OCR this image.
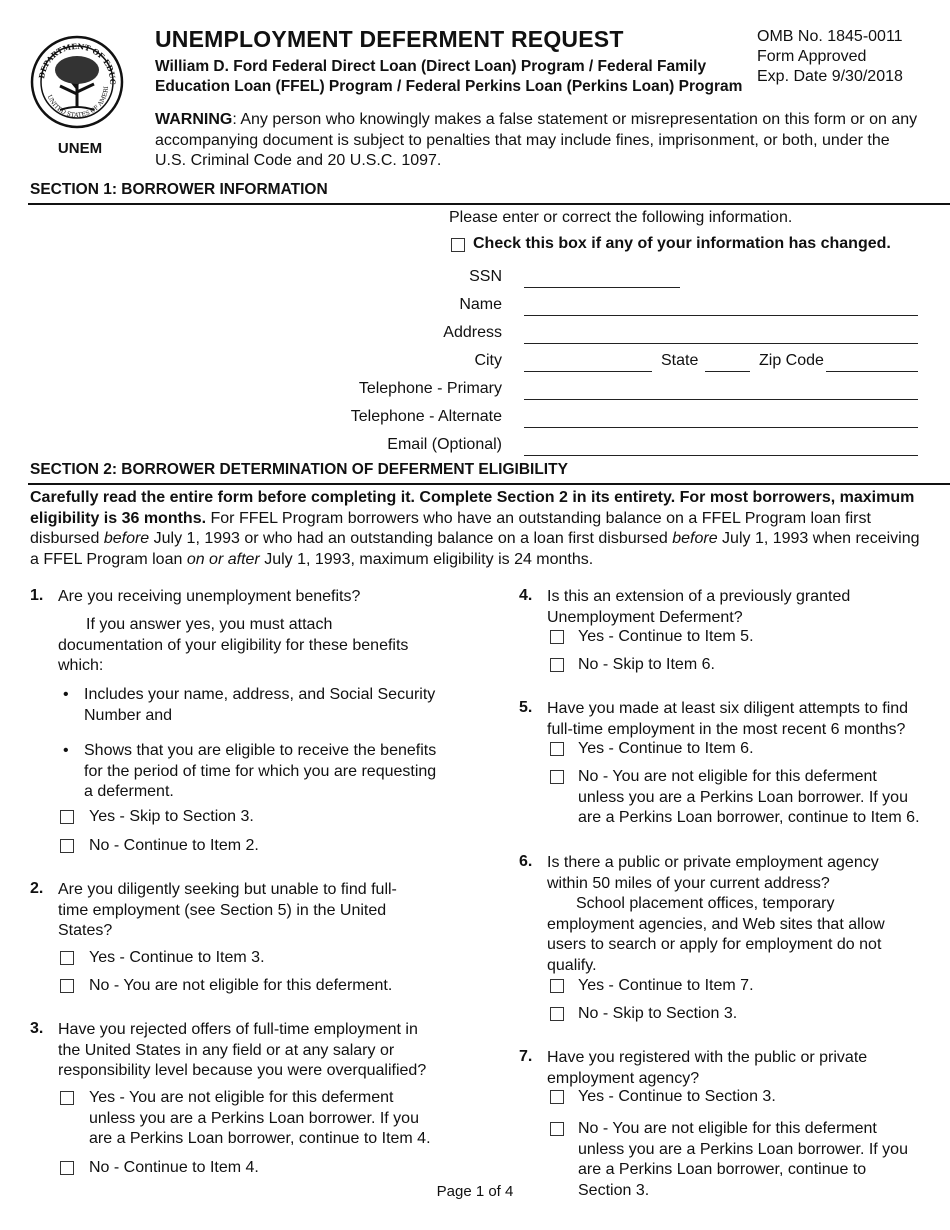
DEPARTMENT OF EDUC
UNITED STATES OF AMERI
UNEM
UNEMPLOYMENT DEFERMENT REQUEST
William D. Ford Federal Direct Loan (Direct Loan) Program / Federal Family Education Loan (FFEL) Program / Federal Perkins Loan (Perkins Loan) Program
OMB No. 1845-0011
Form Approved
Exp. Date 9/30/2018
WARNING: Any person who knowingly makes a false statement or misrepresentation on this form or on any accompanying document is subject to penalties that may include fines, imprisonment, or both, under the U.S. Criminal Code and 20 U.S.C. 1097.
SECTION 1: BORROWER INFORMATION
Please enter or correct the following information.
Check this box if any of your information has changed.
SSN
Name
Address
City	State	Zip Code
Telephone - Primary
Telephone - Alternate
Email (Optional)
SECTION 2: BORROWER DETERMINATION OF DEFERMENT ELIGIBILITY
Carefully read the entire form before completing it. Complete Section 2 in its entirety. For most borrowers, maximum eligibility is 36 months. For FFEL Program borrowers who have an outstanding balance on a FFEL Program loan first disbursed before July 1, 1993 or who had an outstanding balance on a loan first disbursed before July 1, 1993 when receiving a FFEL Program loan on or after July 1, 1993, maximum eligibility is 24 months.
1. Are you receiving unemployment benefits?
If you answer yes, you must attach documentation of your eligibility for these benefits which:
• Includes your name, address, and Social Security Number and
• Shows that you are eligible to receive the benefits for the period of time for which you are requesting a deferment.
Yes - Skip to Section 3.
No - Continue to Item 2.
2. Are you diligently seeking but unable to find full-time employment (see Section 5) in the United States?
Yes - Continue to Item 3.
No - You are not eligible for this deferment.
3. Have you rejected offers of full-time employment in the United States in any field or at any salary or responsibility level because you were overqualified?
Yes - You are not eligible for this deferment unless you are a Perkins Loan borrower. If you are a Perkins Loan borrower, continue to Item 4.
No - Continue to Item 4.
4. Is this an extension of a previously granted Unemployment Deferment?
Yes - Continue to Item 5.
No - Skip to Item 6.
5. Have you made at least six diligent attempts to find full-time employment in the most recent 6 months?
Yes - Continue to Item 6.
No - You are not eligible for this deferment unless you are a Perkins Loan borrower. If you are a Perkins Loan borrower, continue to Item 6.
6. Is there a public or private employment agency within 50 miles of your current address?
School placement offices, temporary employment agencies, and Web sites that allow users to search or apply for employment do not qualify.
Yes - Continue to Item 7.
No - Skip to Section 3.
7. Have you registered with the public or private employment agency?
Yes - Continue to Section 3.
No - You are not eligible for this deferment unless you are a Perkins Loan borrower. If you are a Perkins Loan borrower, continue to Section 3.
Page 1 of 4
